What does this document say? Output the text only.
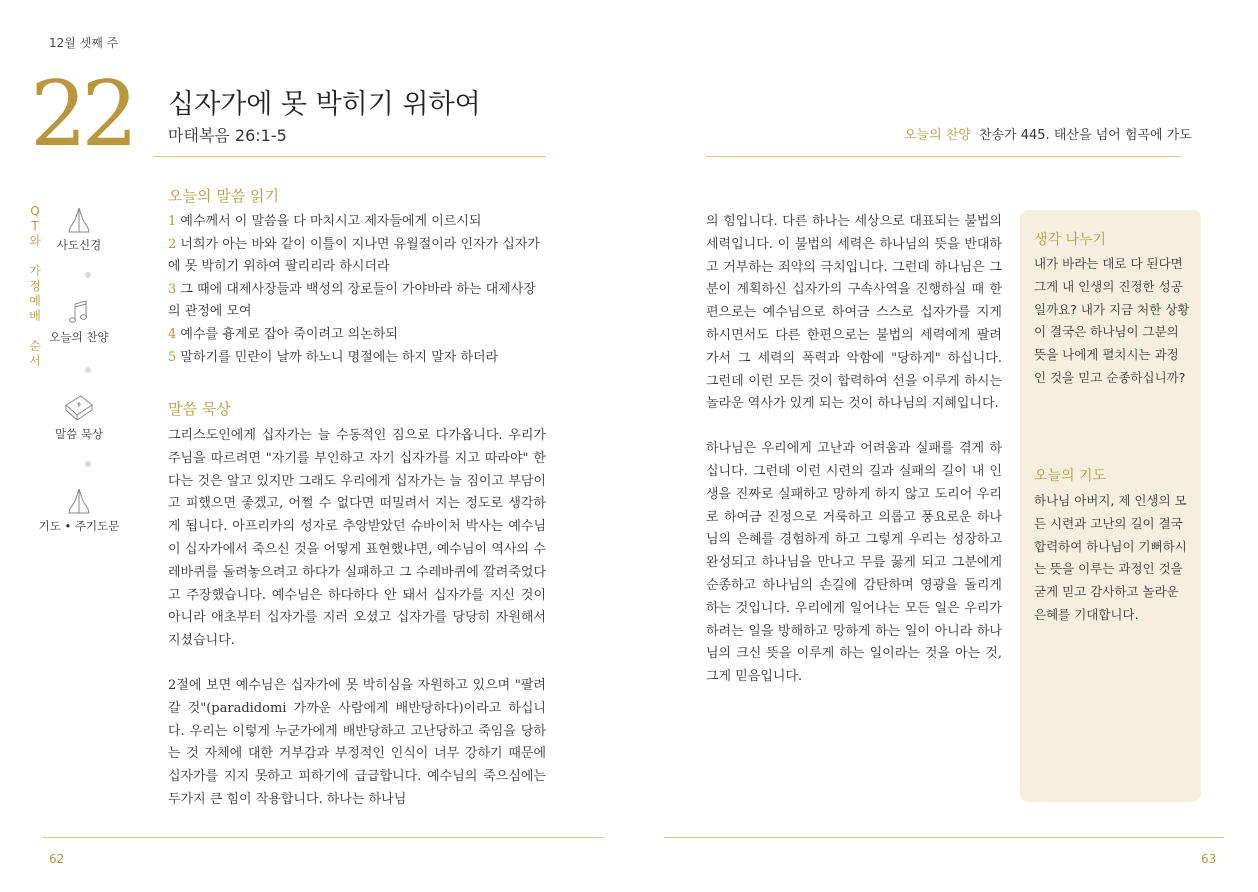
12월 셋째 주
22 십자가에 못 박히기 위하여
마태복음 26:1-5	오늘의 찬양 찬송가 445. 태산을 넘어 험곡에 가도
Q
T
와
가
정
예
배
순
서
사도신경
오늘의 찬양
말씀 묵상
기도 • 주기도문
오늘의 말씀 읽기

1 예수께서 이 말씀을 다 마치시고 제자들에게 이르시되

2 너희가 아는 바와 같이 이틀이 지나면 유월절이라 인자가 십자가에 못 박히기 위하여 팔리리라 하시더라

3 그 때에 대제사장들과 백성의 장로들이 가야바라 하는 대제사장의 관정에 모여

4 예수를 흉계로 잡아 죽이려고 의논하되

5 말하기를 민란이 날까 하노니 명절에는 하지 말자 하더라

말씀 묵상

그리스도인에게 십자가는 늘 수동적인 짐으로 다가옵니다. 우리가 주님을 따르려면 "자기를 부인하고 자기 십자가를 지고 따라야" 한다는 것은 알고 있지만 그래도 우리에게 십자가는 늘 짐이고 부담이고 피했으면 좋겠고, 어쩔 수 없다면 떠밀려서 지는 정도로 생각하게 됩니다. 아프리카의 성자로 추앙받았던 슈바이처 박사는 예수님이 십자가에서 죽으신 것을 어떻게 표현했냐면, 예수님이 역사의 수레바퀴를 돌려놓으려고 하다가 실패하고 그 수레바퀴에 깔려죽었다고 주장했습니다. 예수님은 하다하다 안 돼서 십자가를 지신 것이 아니라 애초부터 십자가를 지러 오셨고 십자가를 당당히 자원해서 지셨습니다.

2절에 보면 예수님은 십자가에 못 박히심을 자원하고 있으며 "팔려갈 것"(paradidomi 가까운 사람에게 배반당하다)이라고 하십니다. 우리는 이렇게 누군가에게 배반당하고 고난당하고 죽임을 당하는 것 자체에 대한 거부감과 부정적인 인식이 너무 강하기 때문에 십자가를 지지 못하고 피하기에 급급합니다. 예수님의 죽으심에는 두가지 큰 힘이 작용합니다. 하나는 하나님

의 힘입니다. 다른 하나는 세상으로 대표되는 불법의 세력입니다. 이 불법의 세력은 하나님의 뜻을 반대하고 거부하는 죄악의 극치입니다. 그런데 하나님은 그분이 계획하신 십자가의 구속사역을 진행하실 때 한편으로는 예수님으로 하여금 스스로 십자가를 지게 하시면서도 다른 한편으로는 불법의 세력에게 팔려가서 그 세력의 폭력과 악함에 "당하게" 하십니다. 그런데 이런 모든 것이 합력하여 선을 이루게 하시는 놀라운 역사가 있게 되는 것이 하나님의 지혜입니다.

하나님은 우리에게 고난과 어려움과 실패를 겪게 하십니다. 그런데 이런 시련의 길과 실패의 길이 내 인생을 진짜로 실패하고 망하게 하지 않고 도리어 우리로 하여금 진정으로 거룩하고 의롭고 풍요로운 하나님의 은혜를 경험하게 하고 그렇게 우리는 성장하고 완성되고 하나님을 만나고 무릎 꿇게 되고 그분에게 순종하고 하나님의 손길에 감탄하며 영광을 돌리게 하는 것입니다. 우리에게 일어나는 모든 일은 우리가 하려는 일을 방해하고 망하게 하는 일이 아니라 하나님의 크신 뜻을 이루게 하는 일이라는 것을 아는 것, 그게 믿음입니다.

생각 나누기
내가 바라는 대로 다 된다면 그게 내 인생의 진정한 성공일까요? 내가 지금 처한 상황이 결국은 하나님이 그분의 뜻을 나에게 펼치시는 과정인 것을 믿고 순종하십니까?
오늘의 기도
하나님 아버지, 제 인생의 모든 시련과 고난의 길이 결국 합력하여 하나님이 기뻐하시는 뜻을 이루는 과정인 것을 굳게 믿고 감사하고 놀라운 은혜를 기대합니다.
62	63
